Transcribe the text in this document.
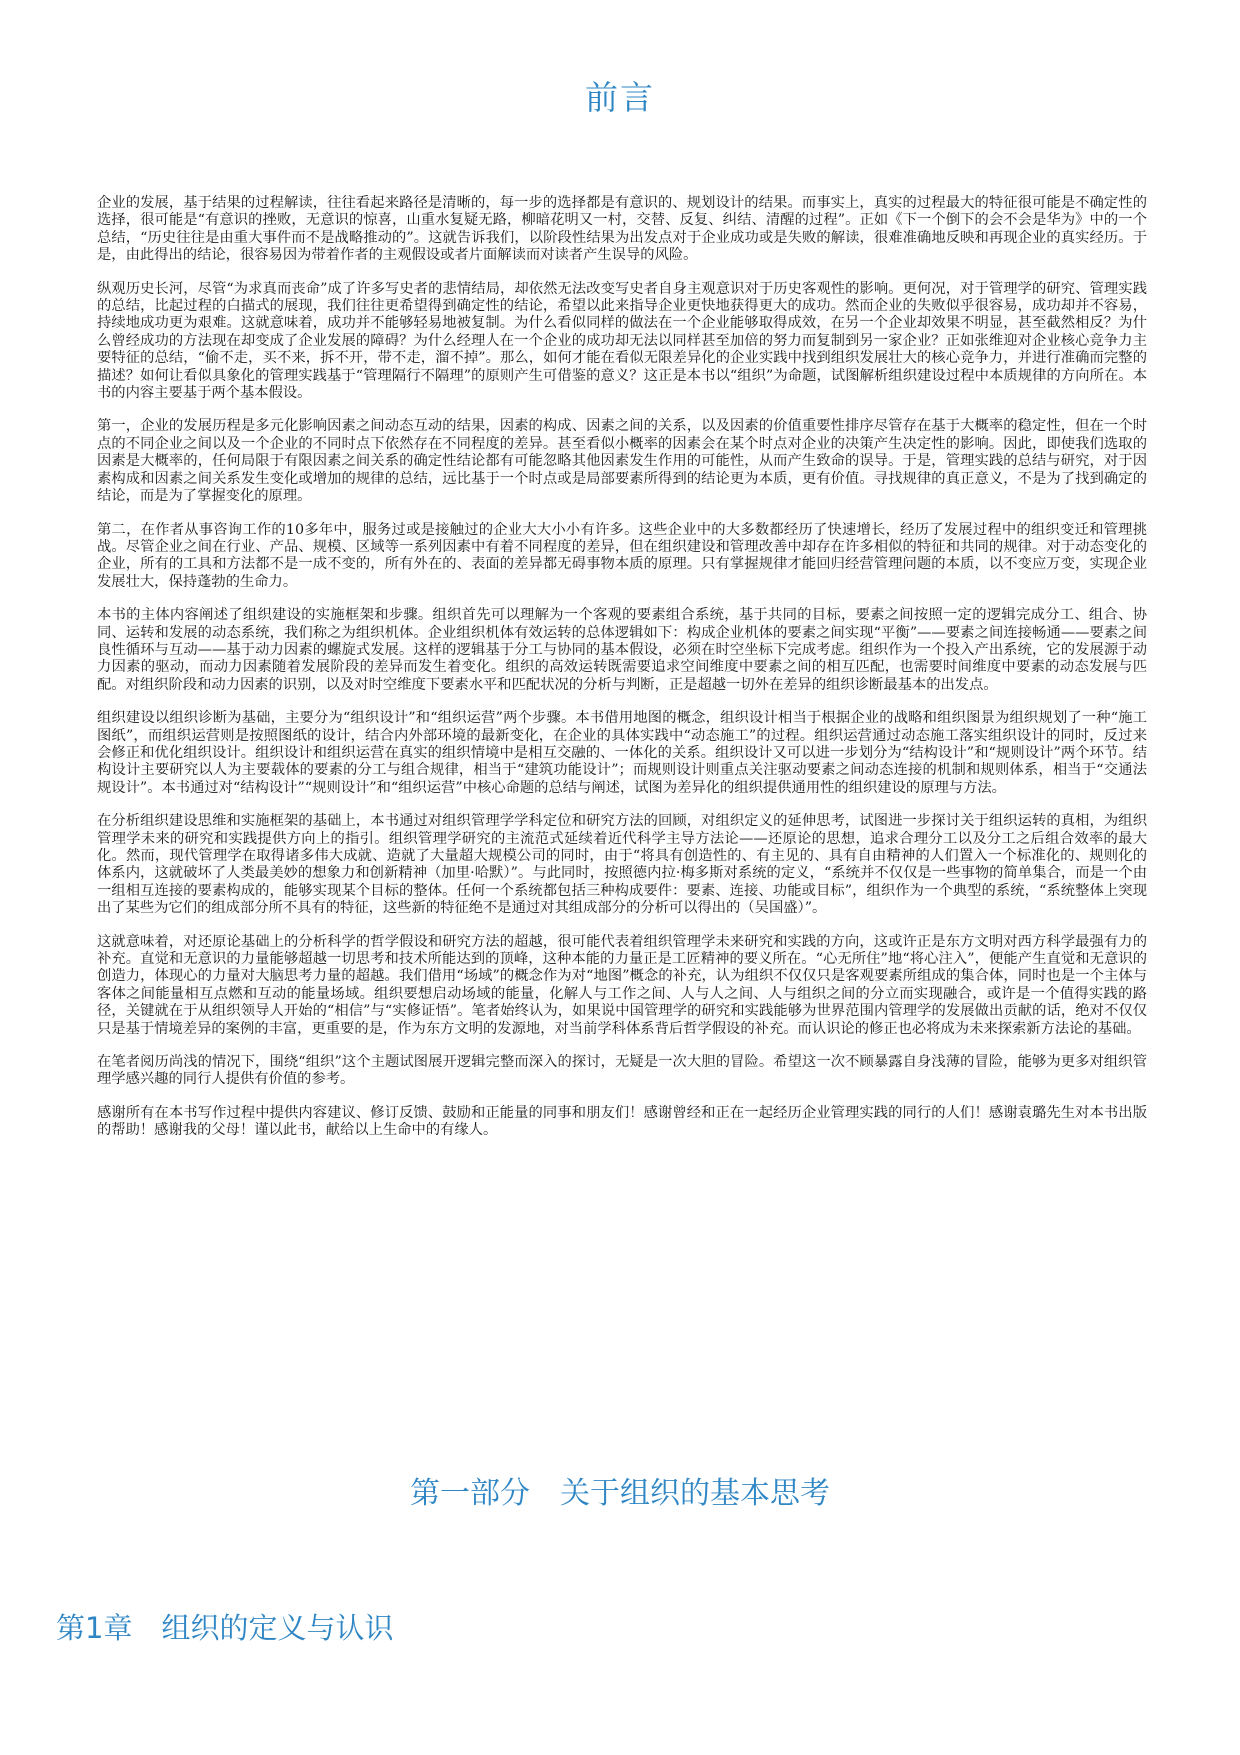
前言

企业的发展，基于结果的过程解读，往往看起来路径是清晰的，每一步的选择都是有意识的、规划设计的结果。而事实上，真实的过程最大的特征很可能是不确定性的选择，很可能是“有意识的挫败，无意识的惊喜，山重水复疑无路，柳暗花明又一村，交替、反复、纠结、清醒的过程”。正如《下一个倒下的会不会是华为》中的一个总结，“历史往往是由重大事件而不是战略推动的”。这就告诉我们，以阶段性结果为出发点对于企业成功或是失败的解读，很难准确地反映和再现企业的真实经历。于是，由此得出的结论，很容易因为带着作者的主观假设或者片面解读而对读者产生误导的风险。

纵观历史长河，尽管“为求真而丧命”成了许多写史者的悲情结局，却依然无法改变写史者自身主观意识对于历史客观性的影响。更何况，对于管理学的研究、管理实践的总结，比起过程的白描式的展现，我们往往更希望得到确定性的结论，希望以此来指导企业更快地获得更大的成功。然而企业的失败似乎很容易，成功却并不容易，持续地成功更为艰难。这就意味着，成功并不能够轻易地被复制。为什么看似同样的做法在一个企业能够取得成效，在另一个企业却效果不明显，甚至截然相反？为什么曾经成功的方法现在却变成了企业发展的障碍？为什么经理人在一个企业的成功却无法以同样甚至加倍的努力而复制到另一家企业？正如张维迎对企业核心竞争力主要特征的总结，“偷不走，买不来，拆不开，带不走，溜不掉”。那么，如何才能在看似无限差异化的企业实践中找到组织发展壮大的核心竞争力，并进行准确而完整的描述？如何让看似具象化的管理实践基于“管理隔行不隔理”的原则产生可借鉴的意义？这正是本书以“组织”为命题，试图解析组织建设过程中本质规律的方向所在。本书的内容主要基于两个基本假设。

第一，企业的发展历程是多元化影响因素之间动态互动的结果，因素的构成、因素之间的关系，以及因素的价值重要性排序尽管存在基于大概率的稳定性，但在一个时点的不同企业之间以及一个企业的不同时点下依然存在不同程度的差异。甚至看似小概率的因素会在某个时点对企业的决策产生决定性的影响。因此，即使我们选取的因素是大概率的，任何局限于有限因素之间关系的确定性结论都有可能忽略其他因素发生作用的可能性，从而产生致命的误导。于是，管理实践的总结与研究，对于因素构成和因素之间关系发生变化或增加的规律的总结，远比基于一个时点或是局部要素所得到的结论更为本质，更有价值。寻找规律的真正意义，不是为了找到确定的结论，而是为了掌握变化的原理。

第二，在作者从事咨询工作的10多年中，服务过或是接触过的企业大大小小有许多。这些企业中的大多数都经历了快速增长，经历了发展过程中的组织变迁和管理挑战。尽管企业之间在行业、产品、规模、区域等一系列因素中有着不同程度的差异，但在组织建设和管理改善中却存在许多相似的特征和共同的规律。对于动态变化的企业，所有的工具和方法都不是一成不变的，所有外在的、表面的差异都无碍事物本质的原理。只有掌握规律才能回归经营管理问题的本质，以不变应万变，实现企业发展壮大，保持蓬勃的生命力。

本书的主体内容阐述了组织建设的实施框架和步骤。组织首先可以理解为一个客观的要素组合系统，基于共同的目标，要素之间按照一定的逻辑完成分工、组合、协同、运转和发展的动态系统，我们称之为组织机体。企业组织机体有效运转的总体逻辑如下：构成企业机体的要素之间实现“平衡”——要素之间连接畅通——要素之间良性循环与互动——基于动力因素的螺旋式发展。这样的逻辑基于分工与协同的基本假设，必须在时空坐标下完成考虑。组织作为一个投入产出系统，它的发展源于动力因素的驱动，而动力因素随着发展阶段的差异而发生着变化。组织的高效运转既需要追求空间维度中要素之间的相互匹配，也需要时间维度中要素的动态发展与匹配。对组织阶段和动力因素的识别，以及对时空维度下要素水平和匹配状况的分析与判断，正是超越一切外在差异的组织诊断最基本的出发点。

组织建设以组织诊断为基础，主要分为“组织设计”和“组织运营”两个步骤。本书借用地图的概念，组织设计相当于根据企业的战略和组织图景为组织规划了一种“施工图纸”，而组织运营则是按照图纸的设计，结合内外部环境的最新变化，在企业的具体实践中“动态施工”的过程。组织运营通过动态施工落实组织设计的同时，反过来会修正和优化组织设计。组织设计和组织运营在真实的组织情境中是相互交融的、一体化的关系。组织设计又可以进一步划分为“结构设计”和“规则设计”两个环节。结构设计主要研究以人为主要载体的要素的分工与组合规律，相当于“建筑功能设计”；而规则设计则重点关注驱动要素之间动态连接的机制和规则体系，相当于“交通法规设计”。本书通过对“结构设计”“规则设计”和“组织运营”中核心命题的总结与阐述，试图为差异化的组织提供通用性的组织建设的原理与方法。

在分析组织建设思维和实施框架的基础上，本书通过对组织管理学学科定位和研究方法的回顾，对组织定义的延伸思考，试图进一步探讨关于组织运转的真相，为组织管理学未来的研究和实践提供方向上的指引。组织管理学研究的主流范式延续着近代科学主导方法论——还原论的思想，追求合理分工以及分工之后组合效率的最大化。然而，现代管理学在取得诸多伟大成就、造就了大量超大规模公司的同时，由于“将具有创造性的、有主见的、具有自由精神的人们置入一个标准化的、规则化的体系内，这就破坏了人类最美妙的想象力和创新精神（加里·哈默）”。与此同时，按照德内拉·梅多斯对系统的定义，“系统并不仅仅是一些事物的简单集合，而是一个由一组相互连接的要素构成的，能够实现某个目标的整体。任何一个系统都包括三种构成要件：要素、连接、功能或目标”，组织作为一个典型的系统，“系统整体上突现出了某些为它们的组成部分所不具有的特征，这些新的特征绝不是通过对其组成部分的分析可以得出的（吴国盛）”。

这就意味着，对还原论基础上的分析科学的哲学假设和研究方法的超越，很可能代表着组织管理学未来研究和实践的方向，这或许正是东方文明对西方科学最强有力的补充。直觉和无意识的力量能够超越一切思考和技术所能达到的顶峰，这种本能的力量正是工匠精神的要义所在。“心无所住”地“将心注入”，便能产生直觉和无意识的创造力，体现心的力量对大脑思考力量的超越。我们借用“场域”的概念作为对“地图”概念的补充，认为组织不仅仅只是客观要素所组成的集合体，同时也是一个主体与客体之间能量相互点燃和互动的能量场域。组织要想启动场域的能量，化解人与工作之间、人与人之间、人与组织之间的分立而实现融合，或许是一个值得实践的路径，关键就在于从组织领导人开始的“相信”与“实修证悟”。笔者始终认为，如果说中国管理学的研究和实践能够为世界范围内管理学的发展做出贡献的话，绝对不仅仅只是基于情境差异的案例的丰富，更重要的是，作为东方文明的发源地，对当前学科体系背后哲学假设的补充。而认识论的修正也必将成为未来探索新方法论的基础。

在笔者阅历尚浅的情况下，围绕“组织”这个主题试图展开逻辑完整而深入的探讨，无疑是一次大胆的冒险。希望这一次不顾暴露自身浅薄的冒险，能够为更多对组织管理学感兴趣的同行人提供有价值的参考。

感谢所有在本书写作过程中提供内容建议、修订反馈、鼓励和正能量的同事和朋友们！感谢曾经和正在一起经历企业管理实践的同行的人们！感谢袁璐先生对本书出版的帮助！感谢我的父母！谨以此书，献给以上生命中的有缘人。

第一部分　关于组织的基本思考
第1章　组织的定义与认识
